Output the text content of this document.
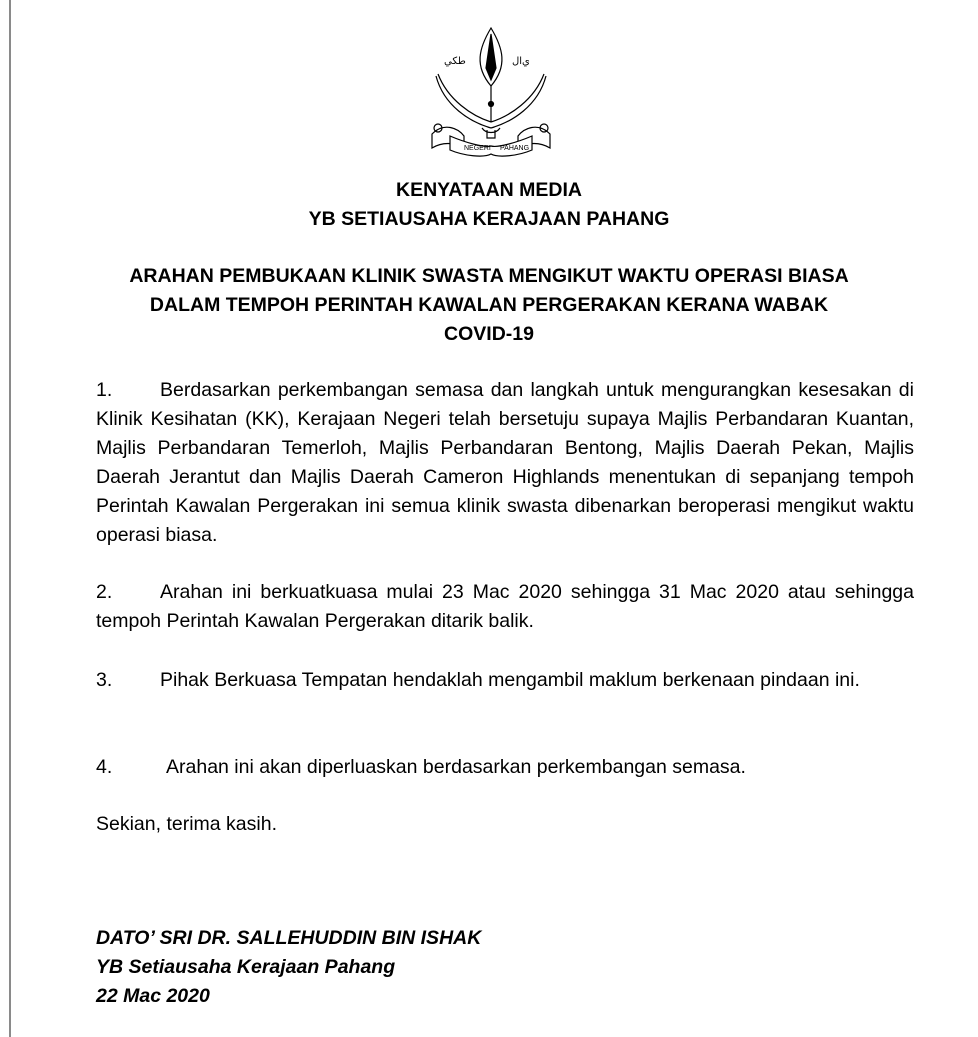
NEGERI PAHANG
طكي	ي‌ال
KENYATAAN MEDIA
YB SETIAUSAHA KERAJAAN PAHANG
ARAHAN PEMBUKAAN KLINIK SWASTA MENGIKUT WAKTU OPERASI BIASA
DALAM TEMPOH PERINTAH KAWALAN PERGERAKAN KERANA WABAK
COVID-19

1. Berdasarkan perkembangan semasa dan langkah untuk mengurangkan kesesakan di Klinik Kesihatan (KK), Kerajaan Negeri telah bersetuju supaya Majlis Perbandaran Kuantan, Majlis Perbandaran Temerloh, Majlis Perbandaran Bentong, Majlis Daerah Pekan, Majlis Daerah Jerantut dan Majlis Daerah Cameron Highlands menentukan di sepanjang tempoh Perintah Kawalan Pergerakan ini semua klinik swasta dibenarkan beroperasi mengikut waktu operasi biasa.

2. Arahan ini berkuatkuasa mulai 23 Mac 2020 sehingga 31 Mac 2020 atau sehingga tempoh Perintah Kawalan Pergerakan ditarik balik.

3. Pihak Berkuasa Tempatan hendaklah mengambil maklum berkenaan pindaan ini.

4.	Arahan ini akan diperluaskan berdasarkan perkembangan semasa.

Sekian, terima kasih.

DATO’ SRI DR. SALLEHUDDIN BIN ISHAK
YB Setiausaha Kerajaan Pahang
22 Mac 2020
